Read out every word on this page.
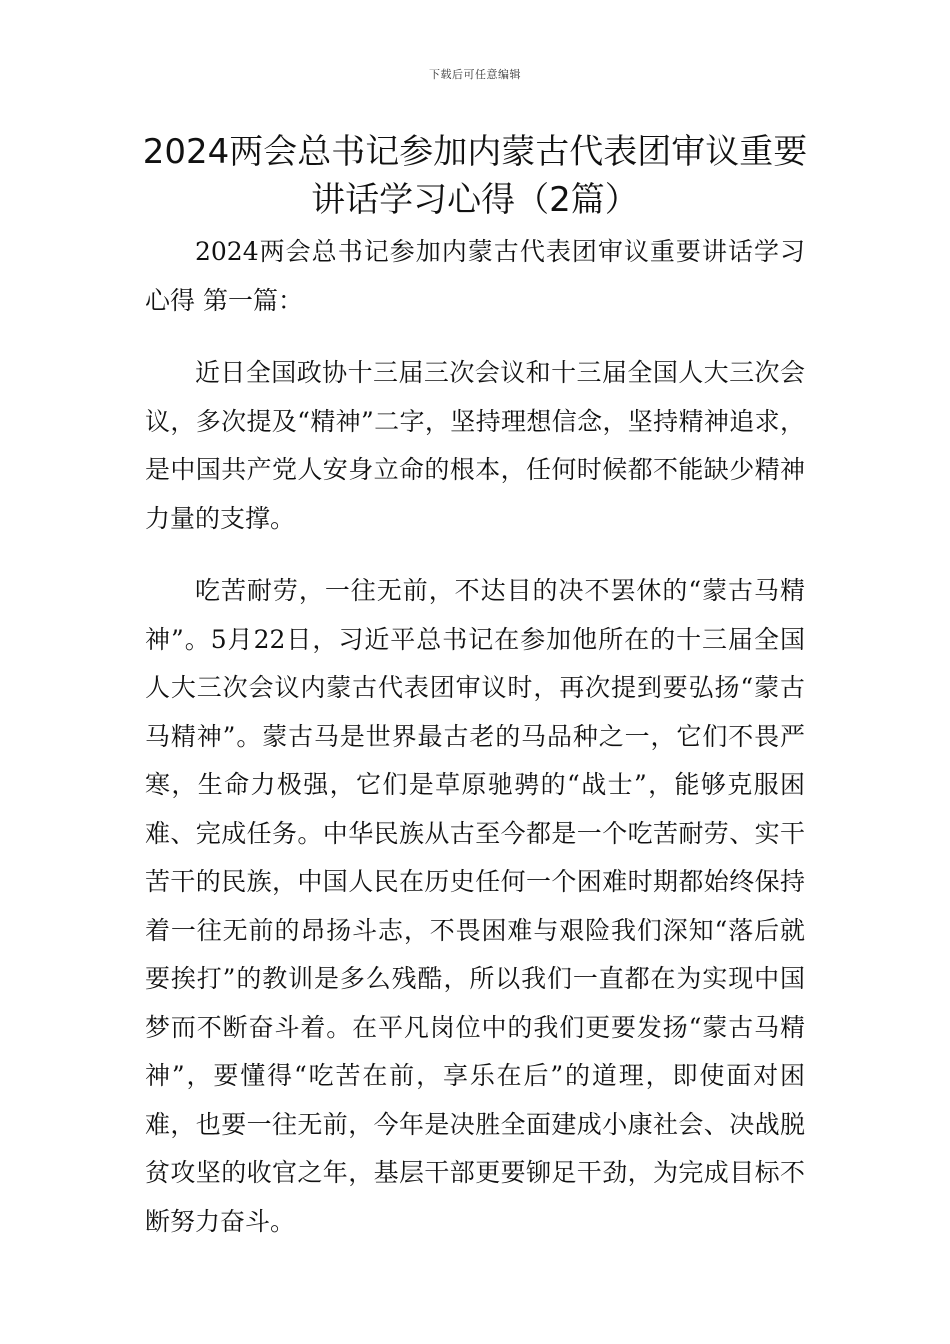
下载后可任意编辑
2024两会总书记参加内蒙古代表团审议重要讲话学习心得（2篇）

2024两会总书记参加内蒙古代表团审议重要讲话学习心得 第一篇：

近日全国政协十三届三次会议和十三届全国人大三次会议，多次提及“精神”二字，坚持理想信念，坚持精神追求，是中国共产党人安身立命的根本，任何时候都不能缺少精神力量的支撑。

吃苦耐劳，一往无前，不达目的决不罢休的“蒙古马精神”。5月22日，习近平总书记在参加他所在的十三届全国人大三次会议内蒙古代表团审议时，再次提到要弘扬“蒙古马精神”。蒙古马是世界最古老的马品种之一，它们不畏严寒，生命力极强，它们是草原驰骋的“战士”，能够克服困难、完成任务。中华民族从古至今都是一个吃苦耐劳、实干苦干的民族，中国人民在历史任何一个困难时期都始终保持着一往无前的昂扬斗志，不畏困难与艰险我们深知“落后就要挨打”的教训是多么残酷，所以我们一直都在为实现中国梦而不断奋斗着。在平凡岗位中的我们更要发扬“蒙古马精神”，要懂得“吃苦在前，享乐在后”的道理，即使面对困难，也要一往无前，今年是决胜全面建成小康社会、决战脱贫攻坚的收官之年，基层干部更要铆足干劲，为完成目标不断努力奋斗。
